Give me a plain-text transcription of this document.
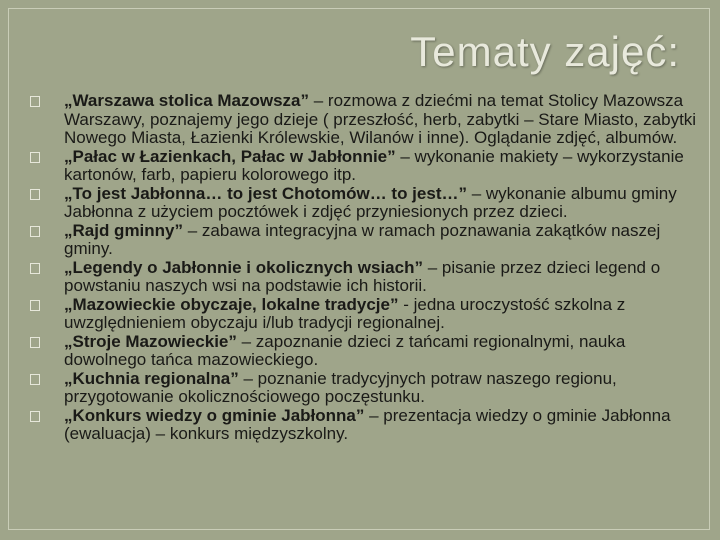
Tematy zajęć:
„Warszawa stolica Mazowsza” – rozmowa z dziećmi na temat Stolicy Mazowsza Warszawy, poznajemy jego dzieje ( przeszłość, herb, zabytki – Stare Miasto, zabytki Nowego Miasta, Łazienki Królewskie, Wilanów i inne). Oglądanie zdjęć, albumów.
„Pałac w Łazienkach, Pałac w Jabłonnie” – wykonanie makiety – wykorzystanie kartonów, farb, papieru kolorowego itp.
„To jest Jabłonna… to jest Chotomów… to jest…” – wykonanie albumu gminy Jabłonna z użyciem pocztówek i zdjęć przyniesionych przez dzieci.
„Rajd gminny” – zabawa integracyjna w ramach poznawania zakątków naszej gminy.
„Legendy o Jabłonnie i okolicznych wsiach” – pisanie przez dzieci legend o powstaniu naszych wsi na podstawie ich historii.
„Mazowieckie obyczaje, lokalne tradycje” - jedna uroczystość szkolna z uwzględnieniem obyczaju i/lub tradycji regionalnej.
„Stroje Mazowieckie” – zapoznanie dzieci z tańcami regionalnymi, nauka dowolnego tańca mazowieckiego.
„Kuchnia regionalna” – poznanie tradycyjnych potraw naszego regionu, przygotowanie okolicznościowego poczęstunku.
„Konkurs wiedzy o gminie Jabłonna” – prezentacja wiedzy o gminie Jabłonna (ewaluacja) – konkurs międzyszkolny.
